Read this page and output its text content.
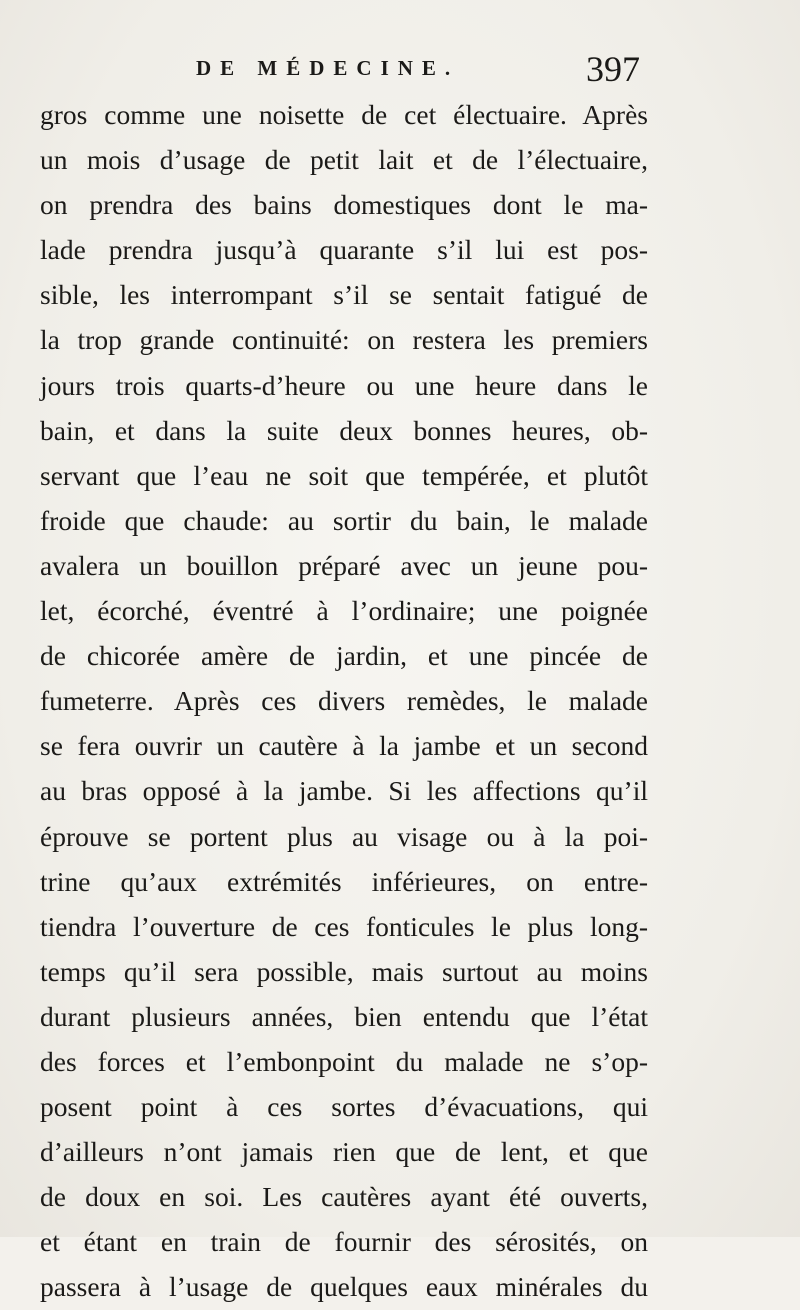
DE MÉDECINE.	397
gros comme une noisette de cet électuaire. Après
un mois d’usage de petit lait et de l’électuaire,
on prendra des bains domestiques dont le ma-
lade prendra jusqu’à quarante s’il lui est pos-
sible, les interrompant s’il se sentait fatigué de
la trop grande continuité: on restera les premiers
jours trois quarts-d’heure ou une heure dans le
bain, et dans la suite deux bonnes heures, ob-
servant que l’eau ne soit que tempérée, et plutôt
froide que chaude: au sortir du bain, le malade
avalera un bouillon préparé avec un jeune pou-
let, écorché, éventré à l’ordinaire; une poignée
de chicorée amère de jardin, et une pincée de
fumeterre. Après ces divers remèdes, le malade
se fera ouvrir un cautère à la jambe et un second
au bras opposé à la jambe. Si les affections qu’il
éprouve se portent plus au visage ou à la poi-
trine qu’aux extrémités inférieures, on entre-
tiendra l’ouverture de ces fonticules le plus long-
temps qu’il sera possible, mais surtout au moins
durant plusieurs années, bien entendu que l’état
des forces et l’embonpoint du malade ne s’op-
posent point à ces sortes d’évacuations, qui
d’ailleurs n’ont jamais rien que de lent, et que
de doux en soi. Les cautères ayant été ouverts,
et étant en train de fournir des sérosités, on
passera à l’usage de quelques eaux minérales du
